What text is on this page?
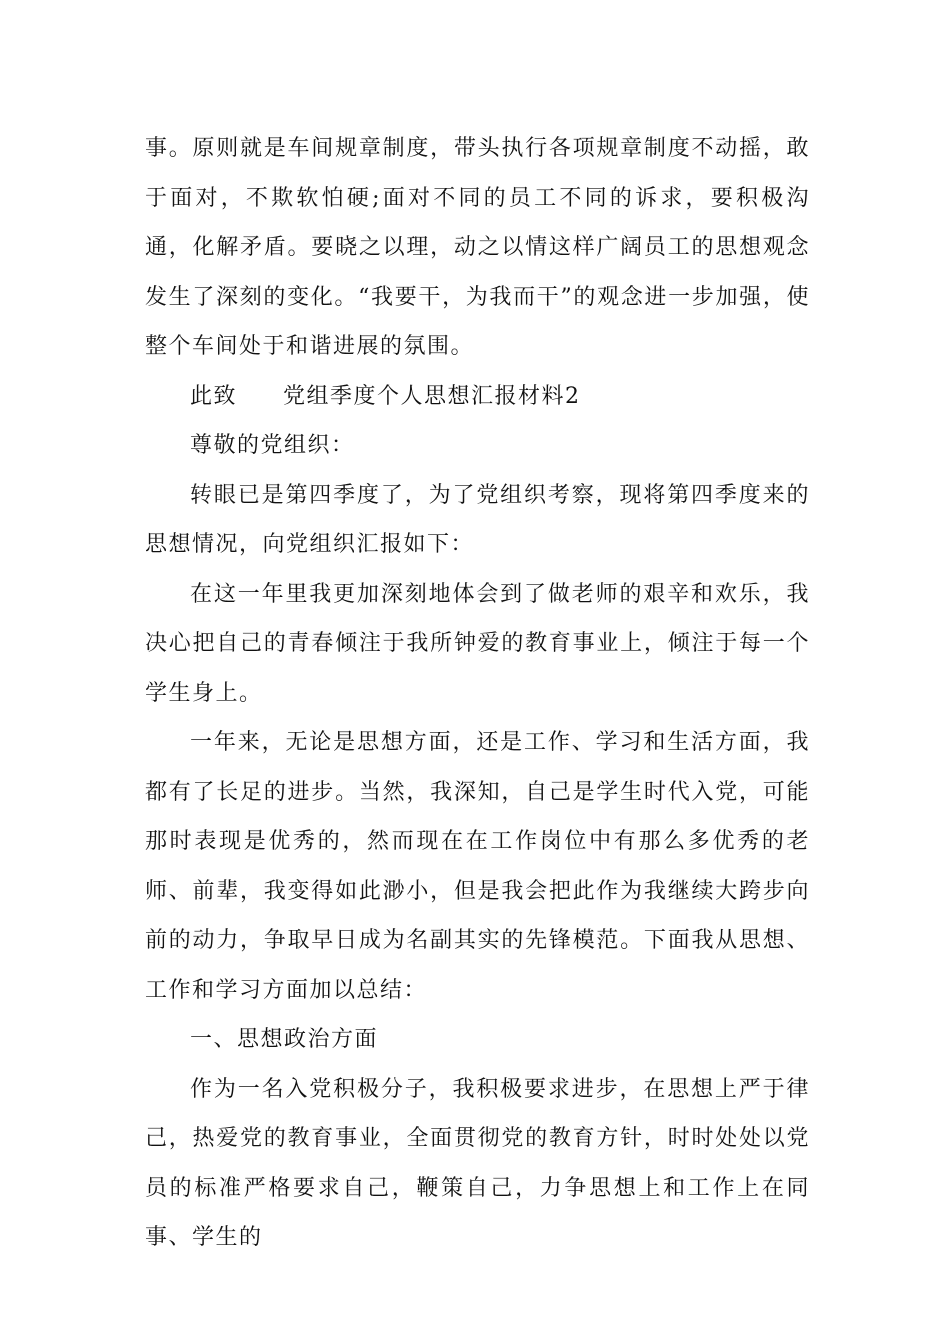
事。原则就是车间规章制度，带头执行各项规章制度不动摇，敢于面对，不欺软怕硬;面对不同的员工不同的诉求，要积极沟通，化解矛盾。要晓之以理，动之以情这样广阔员工的思想观念发生了深刻的变化。“我要干，为我而干”的观念进一步加强，使整个车间处于和谐进展的氛围。

此致 党组季度个人思想汇报材料2

尊敬的党组织：

转眼已是第四季度了，为了党组织考察，现将第四季度来的思想情况，向党组织汇报如下：

在这一年里我更加深刻地体会到了做老师的艰辛和欢乐，我决心把自己的青春倾注于我所钟爱的教育事业上，倾注于每一个学生身上。

一年来，无论是思想方面，还是工作、学习和生活方面，我都有了长足的进步。当然，我深知，自己是学生时代入党，可能那时表现是优秀的，然而现在在工作岗位中有那么多优秀的老师、前辈，我变得如此渺小，但是我会把此作为我继续大跨步向前的动力，争取早日成为名副其实的先锋模范。下面我从思想、工作和学习方面加以总结：

一、思想政治方面

作为一名入党积极分子，我积极要求进步，在思想上严于律己，热爱党的教育事业，全面贯彻党的教育方针，时时处处以党员的标准严格要求自己，鞭策自己，力争思想上和工作上在同事、学生的
